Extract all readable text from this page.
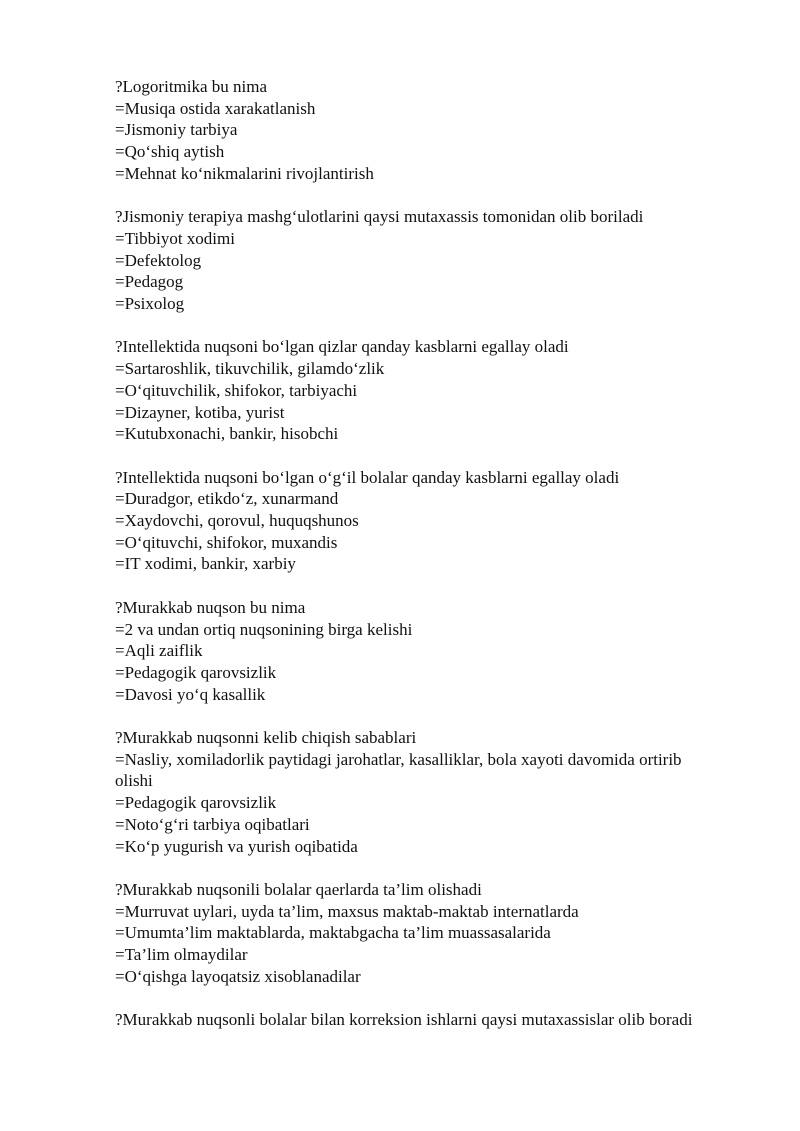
?Logoritmika bu nima
=Musiqa ostida xarakatlanish
=Jismoniy tarbiya
=Qo‘shiq aytish
=Mehnat ko‘nikmalarini rivojlantirish
?Jismoniy terapiya mashg‘ulotlarini qaysi mutaxassis tomonidan olib boriladi
=Tibbiyot xodimi
=Defektolog
=Pedagog
=Psixolog
?Intellektida nuqsoni bo‘lgan qizlar qanday kasblarni egallay oladi
=Sartaroshlik, tikuvchilik, gilamdo‘zlik
=O‘qituvchilik, shifokor, tarbiyachi
=Dizayner, kotiba, yurist
=Kutubxonachi, bankir, hisobchi
?Intellektida nuqsoni bo‘lgan o‘g‘il bolalar qanday kasblarni egallay oladi
=Duradgor, etikdo‘z, xunarmand
=Xaydovchi, qorovul, huquqshunos
=O‘qituvchi, shifokor, muxandis
=IT xodimi, bankir, xarbiy
?Murakkab nuqson bu nima
=2 va undan ortiq nuqsonining birga kelishi
=Aqli zaiflik
=Pedagogik qarovsizlik
=Davosi yo‘q kasallik
?Murakkab nuqsonni kelib chiqish sabablari
=Nasliy, xomiladorlik paytidagi jarohatlar, kasalliklar, bola xayoti davomida ortirib olishi
=Pedagogik qarovsizlik
=Noto‘g‘ri tarbiya oqibatlari
=Ko‘p yugurish va yurish oqibatida
?Murakkab nuqsonili bolalar qaerlarda ta’lim olishadi
=Murruvat uylari, uyda ta’lim, maxsus maktab-maktab internatlarda
=Umumta’lim maktablarda, maktabgacha ta’lim muassasalarida
=Ta’lim olmaydilar
=O‘qishga layoqatsiz xisoblanadilar
?Murakkab nuqsonli bolalar bilan korreksion ishlarni qaysi mutaxassislar olib boradi
